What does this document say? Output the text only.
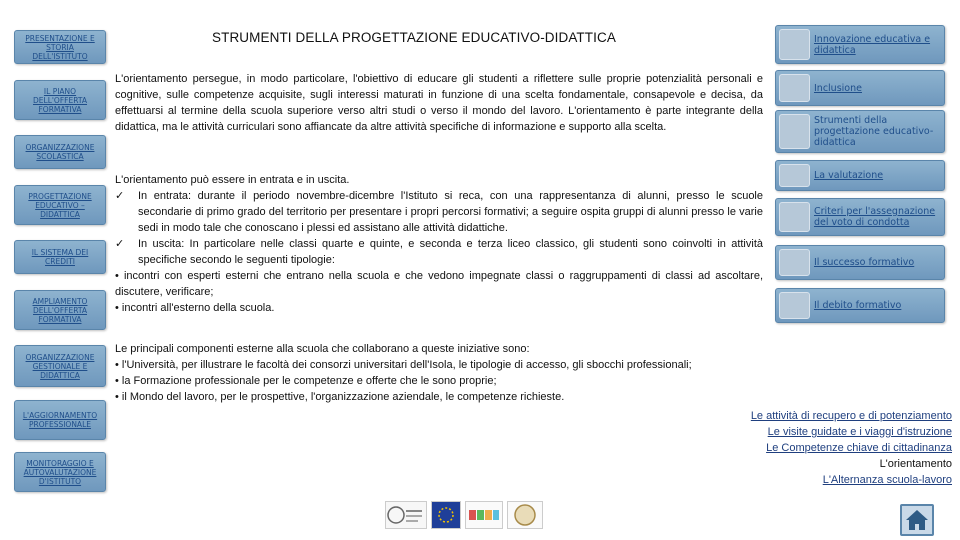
PRESENTAZIONE E STORIA DELL'ISTITUTO
IL PIANO DELL'OFFERTA FORMATIVA
ORGANIZZAZIONE SCOLASTICA
PROGETTAZIONE EDUCATIVO – DIDATTICA
IL SISTEMA DEI CREDITI
AMPLIAMENTO DELL'OFFERTA FORMATIVA
ORGANIZZAZIONE GESTIONALE E DIDATTICA
L'AGGIORNAMENTO PROFESSIONALE
MONITORAGGIO E AUTOVALUTAZIONE D'ISTITUTO
STRUMENTI DELLA PROGETTAZIONE EDUCATIVO-DIDATTICA

L'orientamento persegue, in modo particolare, l'obiettivo di educare gli studenti a riflettere sulle proprie potenzialità personali e cognitive, sulle competenze acquisite, sugli interessi maturati in funzione di una scelta fondamentale, consapevole e decisa, da effettuarsi al termine della scuola superiore verso altri studi o verso il mondo del lavoro. L'orientamento è parte integrante della didattica, ma le attività curriculari sono affiancate da altre attività specifiche di informazione e supporto alla scelta.

L'orientamento può essere in entrata e in uscita.

✓	In entrata: durante il periodo novembre-dicembre l'Istituto si reca, con una rappresentanza di alunni, presso le scuole secondarie di primo grado del territorio per presentare i propri percorsi formativi; a seguire ospita gruppi di alunni presso le varie sedi in modo tale che conoscano i plessi ed assistano alle attività didattiche.
✓	In uscita: In particolare nelle classi quarte e quinte, e seconda e terza liceo classico, gli studenti sono coinvolti in attività specifiche secondo le seguenti tipologie:

• incontri con esperti esterni che entrano nella scuola e che vedono impegnate classi o raggruppamenti di classi ad ascoltare, discutere, verificare;

• incontri all'esterno della scuola.

Le principali componenti esterne alla scuola che collaborano a queste iniziative sono:

• l'Università, per illustrare le facoltà dei consorzi universitari dell'Isola, le tipologie di accesso, gli sbocchi professionali;

• la Formazione professionale per le competenze e offerte che le sono proprie;

• il Mondo del lavoro, per le prospettive, l'organizzazione aziendale, le competenze richieste.

Innovazione educativa e didattica
Inclusione
Strumenti della progettazione educativo-didattica
La valutazione
Criteri per l'assegnazione del voto di condotta
Il successo formativo
Il debito formativo
Le attività di recupero e di potenziamento
Le visite guidate e i viaggi d'istruzione
Le Competenze chiave di cittadinanza
L'orientamento
L'Alternanza scuola-lavoro
